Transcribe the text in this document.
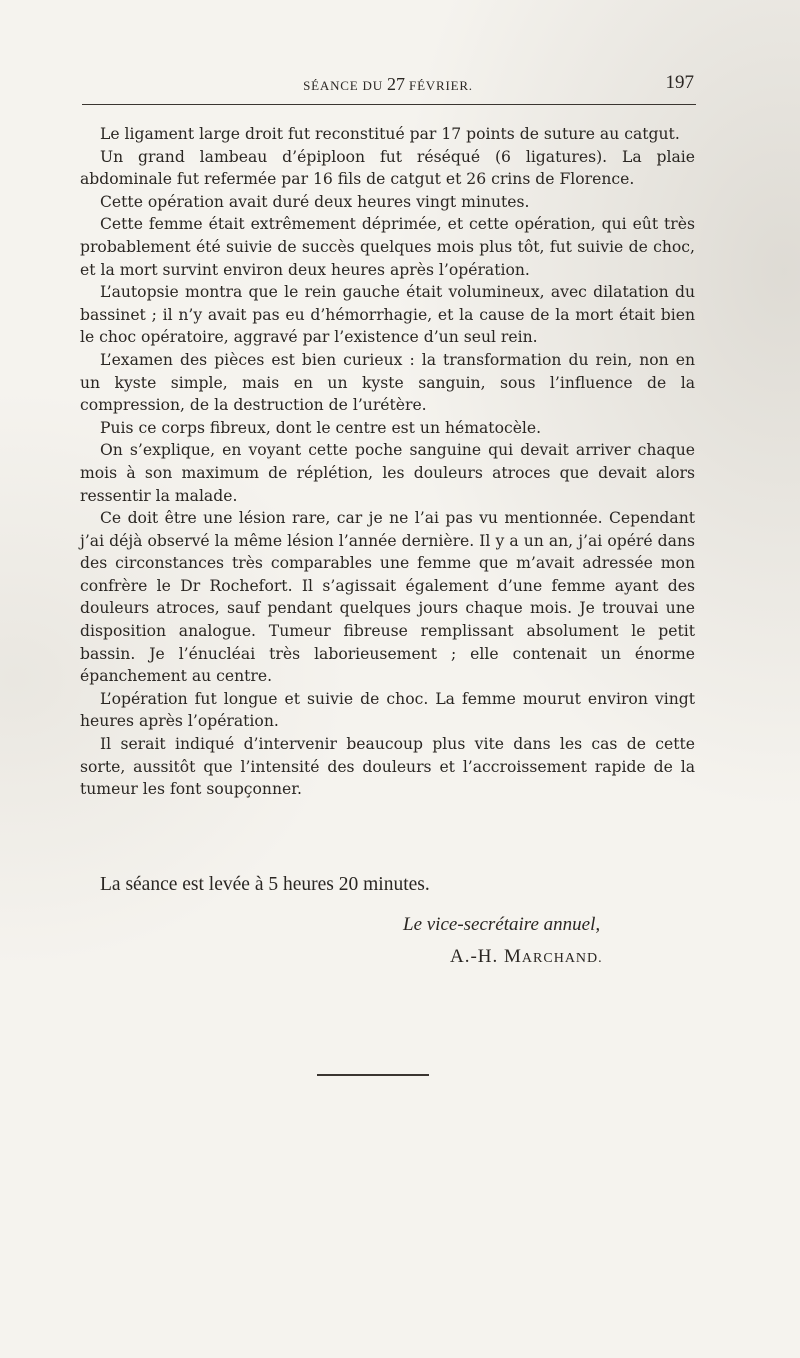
SÉANCE DU 27 FÉVRIER.	197

Le ligament large droit fut reconstitué par 17 points de suture au catgut.

Un grand lambeau d’épiploon fut réséqué (6 ligatures). La plaie abdominale fut refermée par 16 fils de catgut et 26 crins de Florence.

Cette opération avait duré deux heures vingt minutes.

Cette femme était extrêmement déprimée, et cette opération, qui eût très probablement été suivie de succès quelques mois plus tôt, fut suivie de choc, et la mort survint environ deux heures après l’opération.

L’autopsie montra que le rein gauche était volumineux, avec dilatation du bassinet ; il n’y avait pas eu d’hémorrhagie, et la cause de la mort était bien le choc opératoire, aggravé par l’existence d’un seul rein.

L’examen des pièces est bien curieux : la transformation du rein, non en un kyste simple, mais en un kyste sanguin, sous l’influence de la compression, de la destruction de l’urétère.

Puis ce corps fibreux, dont le centre est un hématocèle.

On s’explique, en voyant cette poche sanguine qui devait arriver chaque mois à son maximum de réplétion, les douleurs atroces que devait alors ressentir la malade.

Ce doit être une lésion rare, car je ne l’ai pas vu mentionnée. Cependant j’ai déjà observé la même lésion l’année dernière. Il y a un an, j’ai opéré dans des circonstances très comparables une femme que m’avait adressée mon confrère le Dr Rochefort. Il s’agissait également d’une femme ayant des douleurs atroces, sauf pendant quelques jours chaque mois. Je trouvai une disposition analogue. Tumeur fibreuse remplissant absolument le petit bassin. Je l’énucléai très laborieusement ; elle contenait un énorme épanchement au centre.

L’opération fut longue et suivie de choc. La femme mourut environ vingt heures après l’opération.

Il serait indiqué d’intervenir beaucoup plus vite dans les cas de cette sorte, aussitôt que l’intensité des douleurs et l’accroissement rapide de la tumeur les font soupçonner.

La séance est levée à 5 heures 20 minutes.
Le vice-secrétaire annuel,
A.-H. MARCHAND.
